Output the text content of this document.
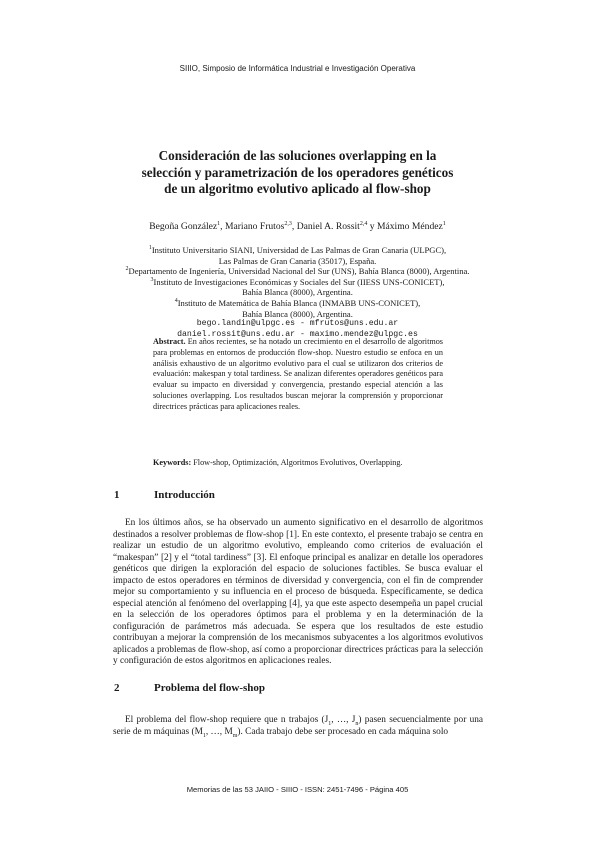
SIIIO, Simposio de Informática Industrial e Investigación Operativa
Consideración de las soluciones overlapping en la
selección y parametrización de los operadores genéticos
de un algoritmo evolutivo aplicado al flow-shop
Begoña González$^1$, Mariano Frutos$^{2,3}$, Daniel A. Rossit$^{2,4}$ y Máximo Méndez$^1$
$^1$Instituto Universitario SIANI, Universidad de Las Palmas de Gran Canaria (ULPGC),
Las Palmas de Gran Canaria (35017), España.
$^2$Departamento de Ingeniería, Universidad Nacional del Sur (UNS), Bahía Blanca (8000), Argentina.
$^3$Instituto de Investigaciones Económicas y Sociales del Sur (IIESS UNS-CONICET),
Bahía Blanca (8000), Argentina.
$^4$Instituto de Matemática de Bahía Blanca (INMABB UNS-CONICET),
Bahía Blanca (8000), Argentina.
bego.landin@ulpgc.es - mfrutos@uns.edu.ar
daniel.rossit@uns.edu.ar - maximo.mendez@ulpgc.es
Abstract. En años recientes, se ha notado un crecimiento en el desarrollo de algoritmos para problemas en entornos de producción flow-shop. Nuestro estudio se enfoca en un análisis exhaustivo de un algoritmo evolutivo para el cual se utilizaron dos criterios de evaluación: makespan y total tardiness. Se analizan diferentes operadores genéticos para evaluar su impacto en diversidad y convergencia, prestando especial atención a las soluciones overlapping. Los resultados buscan mejorar la comprensión y proporcionar directrices prácticas para aplicaciones reales.
Keywords: Flow-shop, Optimización, Algoritmos Evolutivos, Overlapping.
1	Introducción
En los últimos años, se ha observado un aumento significativo en el desarrollo de algoritmos destinados a resolver problemas de flow-shop [1]. En este contexto, el presente trabajo se centra en realizar un estudio de un algoritmo evolutivo, empleando como criterios de evaluación el “makespan” [2] y el “total tardiness” [3]. El enfoque principal es analizar en detalle los operadores genéticos que dirigen la exploración del espacio de soluciones factibles. Se busca evaluar el impacto de estos operadores en términos de diversidad y convergencia, con el fin de comprender mejor su comportamiento y su influencia en el proceso de búsqueda. Específicamente, se dedica especial atención al fenómeno del overlapping [4], ya que este aspecto desempeña un papel crucial en la selección de los operadores óptimos para el problema y en la determinación de la configuración de parámetros más adecuada. Se espera que los resultados de este estudio contribuyan a mejorar la comprensión de los mecanismos subyacentes a los algoritmos evolutivos aplicados a problemas de flow-shop, así como a proporcionar directrices prácticas para la selección y configuración de estos algoritmos en aplicaciones reales.
2	Problema del flow-shop
El problema del flow-shop requiere que n trabajos ($J_1$, …, $J_n$) pasen secuencialmente por una serie de m máquinas ($M_1$, …, $M_m$). Cada trabajo debe ser procesado en cada máquina solo
Memorias de las 53 JAIIO - SIIIO - ISSN: 2451-7496 - Página 405
